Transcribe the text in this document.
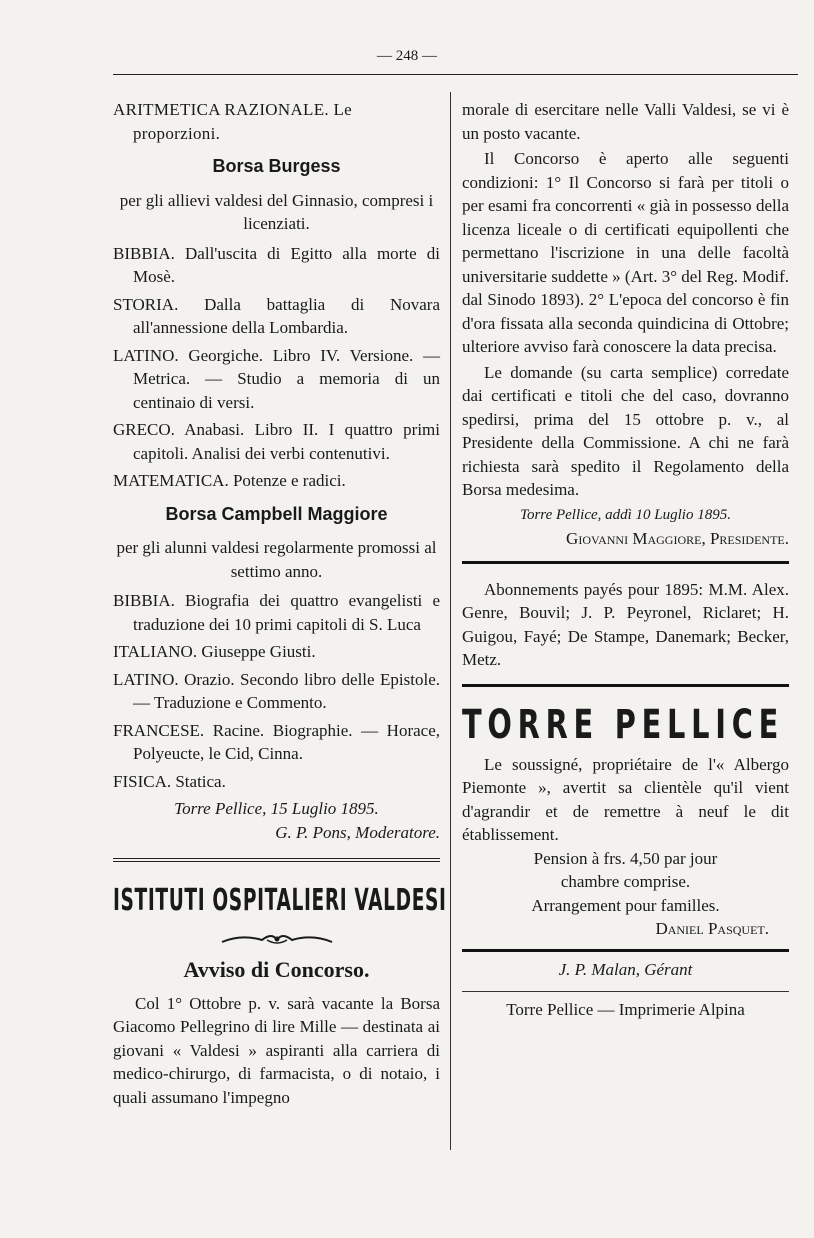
— 248 —

ARITMETICA RAZIONALE. Le proporzioni.

Borsa Burgess

per gli allievi valdesi del Ginnasio, compresi i licenziati.

BIBBIA. Dall'uscita di Egitto alla morte di Mosè.

STORIA. Dalla battaglia di Novara all'annessione della Lombardia.

LATINO. Georgiche. Libro IV. Versione. — Metrica. — Studio a memoria di un centinaio di versi.

GRECO. Anabasi. Libro II. I quattro primi capitoli. Analisi dei verbi contenutivi.

MATEMATICA. Potenze e radici.

Borsa Campbell Maggiore

per gli alunni valdesi regolarmente promossi al settimo anno.

BIBBIA. Biografia dei quattro evangelisti e traduzione dei 10 primi capitoli di S. Luca

ITALIANO. Giuseppe Giusti.

LATINO. Orazio. Secondo libro delle Epistole. — Traduzione e Commento.

FRANCESE. Racine. Biographie. — Horace, Polyeucte, le Cid, Cinna.

FISICA. Statica.

Torre Pellice, 15 Luglio 1895.

G. P. Pons, Moderatore.

ISTITUTI OSPITALIERI VALDESI
Avviso di Concorso.

Col 1° Ottobre p. v. sarà vacante la Borsa Giacomo Pellegrino di lire Mille — destinata ai giovani « Valdesi » aspiranti alla carriera di medico-chirurgo, di farmacista, o di notaio, i quali assumano l'impegno

morale di esercitare nelle Valli Valdesi, se vi è un posto vacante.

Il Concorso è aperto alle seguenti condizioni: 1° Il Concorso si farà per titoli o per esami fra concorrenti « già in possesso della licenza liceale o di certificati equipollenti che permettano l'iscrizione in una delle facoltà universitarie suddette » (Art. 3° del Reg. Modif. dal Sinodo 1893). 2° L'epoca del concorso è fin d'ora fissata alla seconda quindicina di Ottobre; ulteriore avviso farà conoscere la data precisa.

Le domande (su carta semplice) corredate dai certificati e titoli che del caso, dovranno spedirsi, prima del 15 ottobre p. v., al Presidente della Commissione. A chi ne farà richiesta sarà spedito il Regolamento della Borsa medesima.

Torre Pellice, addì 10 Luglio 1895.

Giovanni Maggiore, Presidente.

Abonnements payés pour 1895: M.M. Alex. Genre, Bouvil; J. P. Peyronel, Riclaret; H. Guigou, Fayé; De Stampe, Danemark; Becker, Metz.

TORRE PELLICE

Le soussigné, propriétaire de l'« Albergo Piemonte », avertit sa clientèle qu'il vient d'agrandir et de remettre à neuf le dit établissement.

Pension à frs. 4,50 par jour

chambre comprise.

Arrangement pour familles.

Daniel Pasquet.

J. P. Malan, Gérant

Torre Pellice — Imprimerie Alpina
